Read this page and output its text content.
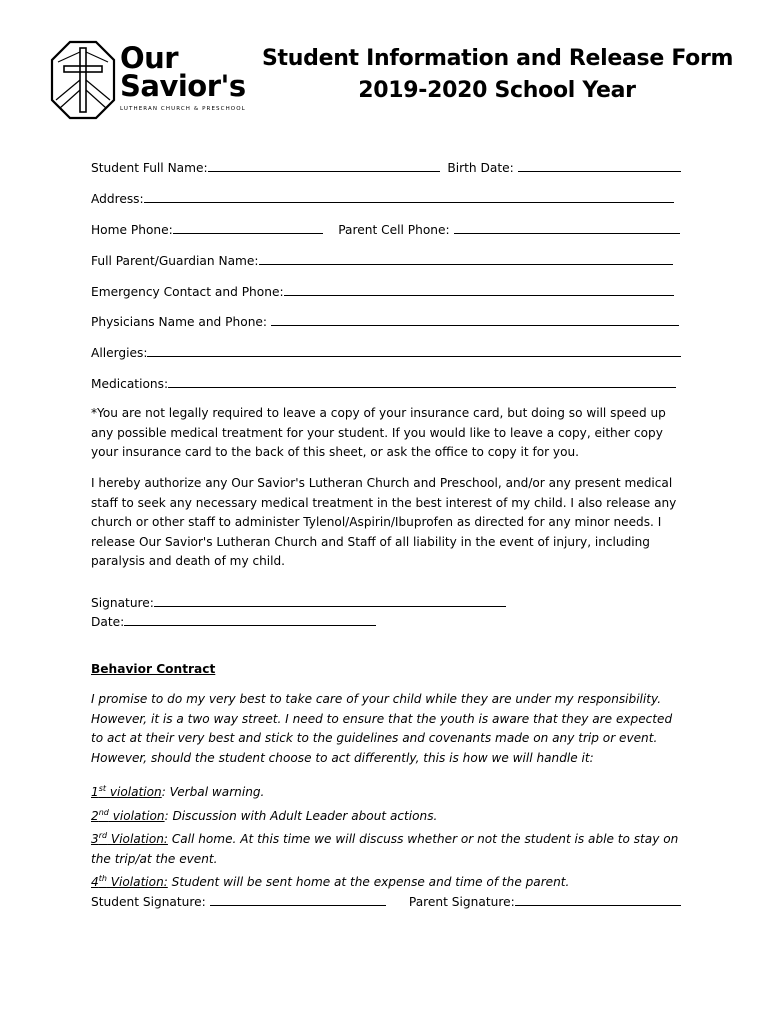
Our
Savior's
LUTHERAN CHURCH & PRESCHOOL
Student Information and Release Form
2019-2020 School Year
Student Full Name:	Birth Date:
Address:
Home Phone:	Parent Cell Phone:
Full Parent/Guardian Name:
Emergency Contact and Phone:
Physicians Name and Phone:
Allergies:
Medications:
*You are not legally required to leave a copy of your insurance card, but doing so will speed up
any possible medical treatment for your student. If you would like to leave a copy, either copy
your insurance card to the back of this sheet, or ask the office to copy it for you.
I hereby authorize any Our Savior's Lutheran Church and Preschool, and/or any present medical
staff to seek any necessary medical treatment in the best interest of my child. I also release any
church or other staff to administer Tylenol/Aspirin/Ibuprofen as directed for any minor needs. I
release Our Savior's Lutheran Church and Staff of all liability in the event of injury, including
paralysis and death of my child.
Signature:
Date:
Behavior Contract
I promise to do my very best to take care of your child while they are under my responsibility.
However, it is a two way street. I need to ensure that the youth is aware that they are expected
to act at their very best and stick to the guidelines and covenants made on any trip or event.
However, should the student choose to act differently, this is how we will handle it:
1st violation: Verbal warning.
2nd violation: Discussion with Adult Leader about actions.
3rd Violation: Call home. At this time we will discuss whether or not the student is able to stay on
the trip/at the event.
4th Violation: Student will be sent home at the expense and time of the parent.
Student Signature:	Parent Signature:
